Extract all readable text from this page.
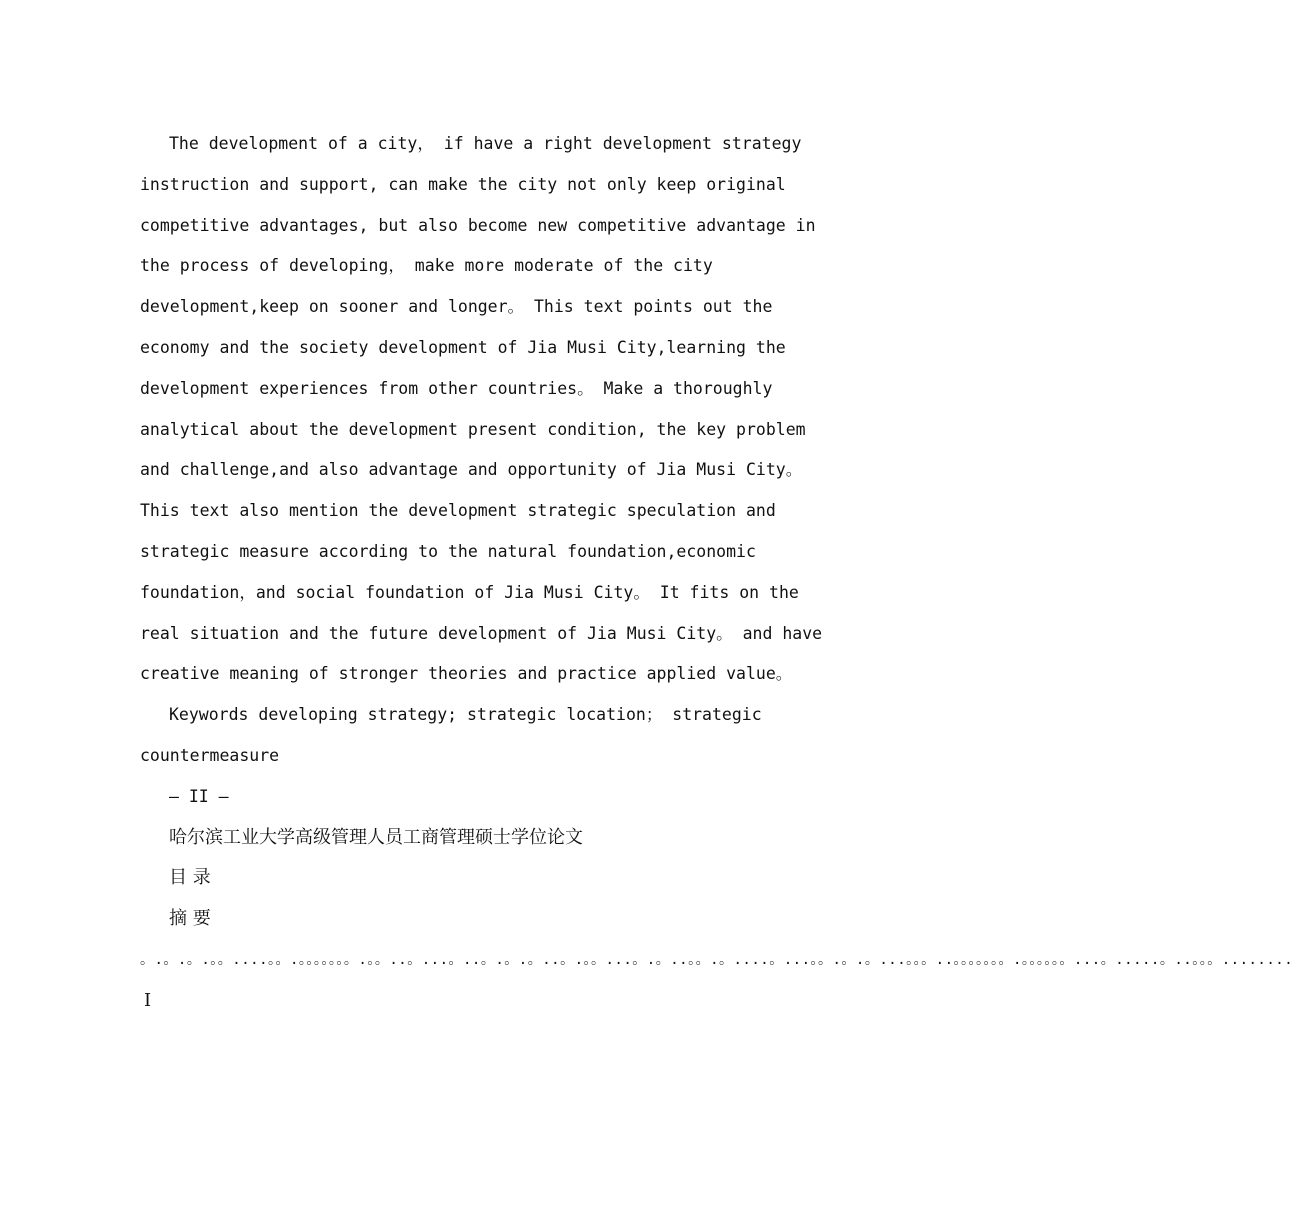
The development of a city， if have a right development strategy instruction and support, can make the city not only keep original competitive advantages, but also become new competitive advantage in the process of developing， make more moderate of the city development,keep on sooner and longer。 This text points out the economy and the society development of Jia Musi City,learning the development experiences from other countries。 Make a thoroughly analytical about the development present condition, the key problem and challenge,and also advantage and opportunity of Jia Musi City。 This text also mention the development strategic speculation and strategic measure according to the natural foundation,economic foundation，and social foundation of Jia Musi City。 It fits on the real situation and the future development of Jia Musi City。 and have creative meaning of stronger theories and practice applied value。

Keywords developing strategy; strategic location； strategic countermeasure

— II —

哈尔滨工业大学高级管理人员工商管理硕士学位论文

目 录

摘 要

。.。.。.。。....。。.。。。。。。。.。。..。...。..。.。.。..。.。。...。.。..。。.。....。...。。.。.。...。。。..。。。。。。。.。。。。。。...。.....。..。。。........I
